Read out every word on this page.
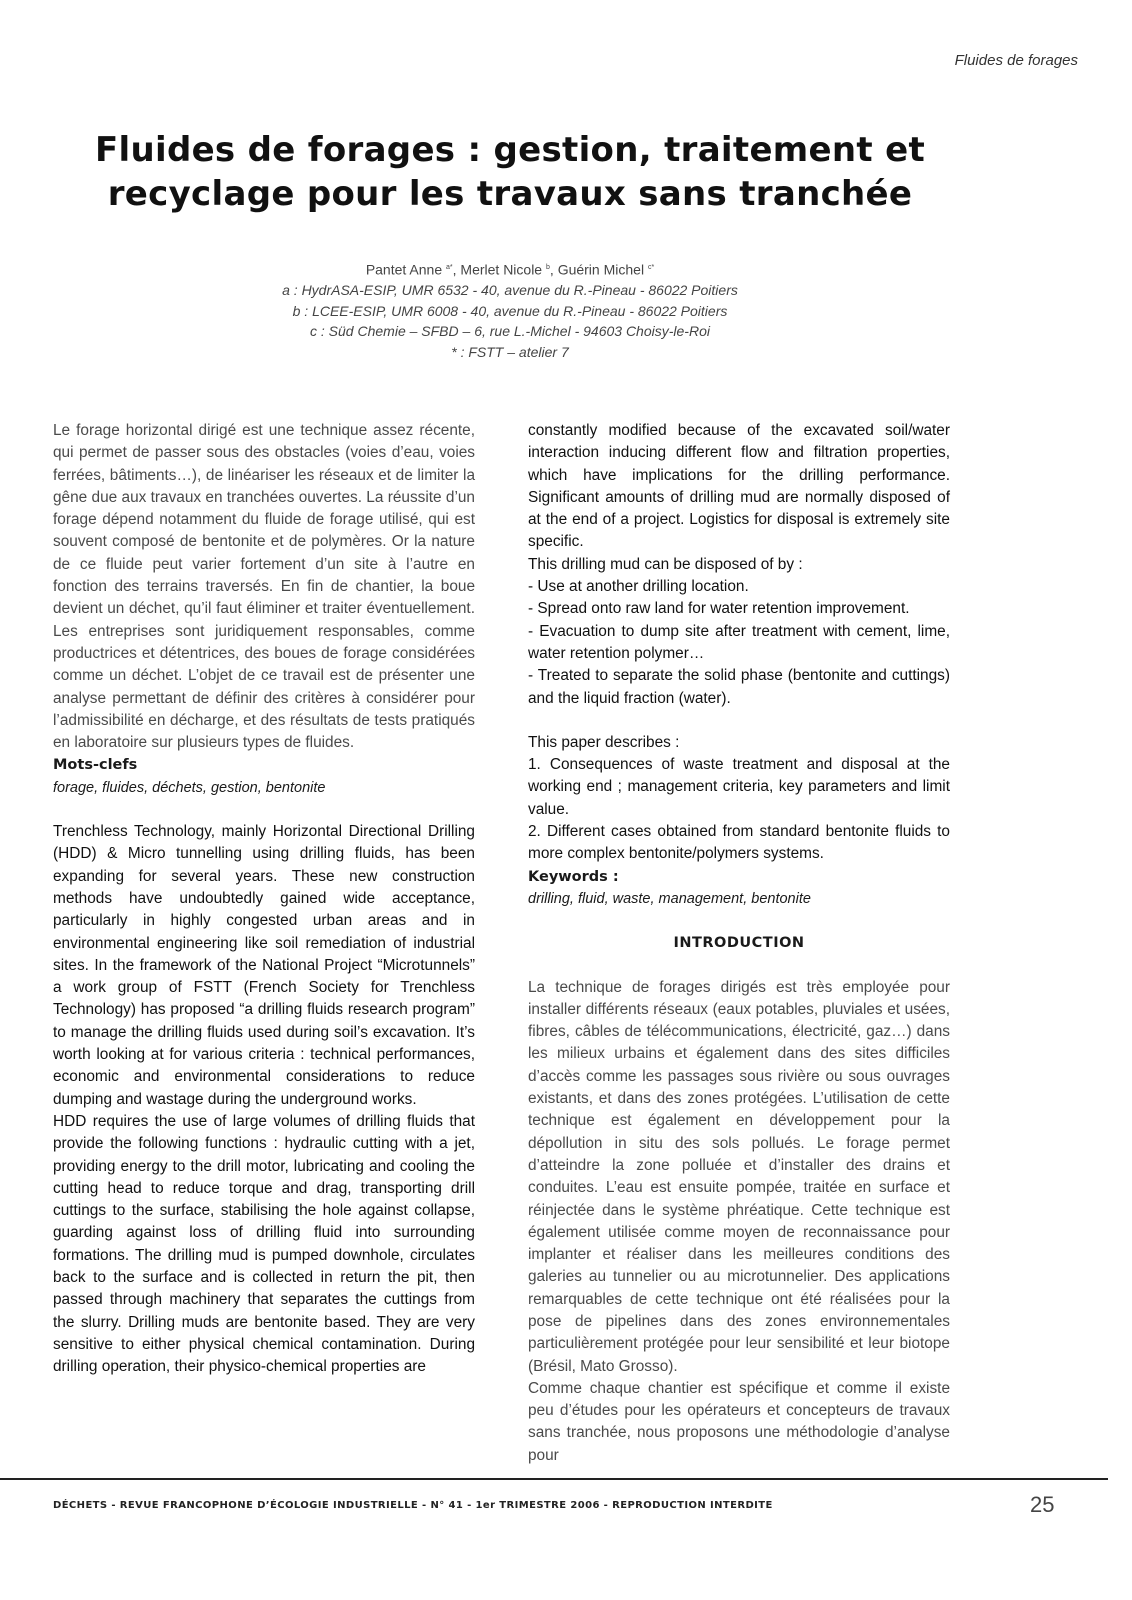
Fluides de forages
Fluides de forages : gestion, traitement et
recyclage pour les travaux sans tranchée
Pantet Anne $^{a*}$, Merlet Nicole $^b$, Guérin Michel $^{c*}$
a : HydrASA-ESIP, UMR 6532 - 40, avenue du R.-Pineau - 86022 Poitiers
b : LCEE-ESIP, UMR 6008 - 40, avenue du R.-Pineau - 86022 Poitiers
c : Süd Chemie – SFBD – 6, rue L.-Michel - 94603 Choisy-le-Roi
* : FSTT – atelier 7

Le forage horizontal dirigé est une technique assez récente, qui permet de passer sous des obstacles (voies d’eau, voies ferrées, bâtiments…), de linéariser les réseaux et de limiter la gêne due aux travaux en tranchées ouvertes. La réussite d’un forage dépend notamment du fluide de forage utilisé, qui est souvent composé de bentonite et de polymères. Or la nature de ce fluide peut varier fortement d’un site à l’autre en fonction des terrains traversés. En fin de chantier, la boue devient un déchet, qu’il faut éliminer et traiter éventuellement. Les entreprises sont juridiquement responsables, comme productrices et détentrices, des boues de forage considérées comme un déchet. L’objet de ce travail est de présenter une analyse permettant de définir des critères à considérer pour l’admissibilité en décharge, et des résultats de tests pratiqués en laboratoire sur plusieurs types de fluides.

Mots-clefs

forage, fluides, déchets, gestion, bentonite

Trenchless Technology, mainly Horizontal Directional Drilling (HDD) & Micro tunnelling using drilling fluids, has been expanding for several years. These new construction methods have undoubtedly gained wide acceptance, particularly in highly congested urban areas and in environmental engineering like soil remediation of industrial sites. In the framework of the National Project “Microtunnels” a work group of FSTT (French Society for Trenchless Technology) has proposed “a drilling fluids research program” to manage the drilling fluids used during soil’s excavation. It’s worth looking at for various criteria : technical performances, economic and environmental considerations to reduce dumping and wastage during the underground works.

HDD requires the use of large volumes of drilling fluids that provide the following functions : hydraulic cutting with a jet, providing energy to the drill motor, lubricating and cooling the cutting head to reduce torque and drag, transporting drill cuttings to the surface, stabilising the hole against collapse, guarding against loss of drilling fluid into surrounding formations. The drilling mud is pumped downhole, circulates back to the surface and is collected in return the pit, then passed through machinery that separates the cuttings from the slurry. Drilling muds are bentonite based. They are very sensitive to either physical chemical contamination. During drilling operation, their physico-chemical properties are

constantly modified because of the excavated soil/water interaction inducing different flow and filtration properties, which have implications for the drilling performance. Significant amounts of drilling mud are normally disposed of at the end of a project. Logistics for disposal is extremely site specific.

This drilling mud can be disposed of by :

- Use at another drilling location.

- Spread onto raw land for water retention improvement.

- Evacuation to dump site after treatment with cement, lime, water retention polymer…

- Treated to separate the solid phase (bentonite and cuttings) and the liquid fraction (water).

This paper describes :

1. Consequences of waste treatment and disposal at the working end ; management criteria, key parameters and limit value.

2. Different cases obtained from standard bentonite fluids to more complex bentonite/polymers systems.

Keywords :

drilling, fluid, waste, management, bentonite

INTRODUCTION

La technique de forages dirigés est très employée pour installer différents réseaux (eaux potables, pluviales et usées, fibres, câbles de télécommunications, électricité, gaz…) dans les milieux urbains et également dans des sites difficiles d’accès comme les passages sous rivière ou sous ouvrages existants, et dans des zones protégées. L’utilisation de cette technique est également en développement pour la dépollution in situ des sols pollués. Le forage permet d’atteindre la zone polluée et d’installer des drains et conduites. L’eau est ensuite pompée, traitée en surface et réinjectée dans le système phréatique. Cette technique est également utilisée comme moyen de reconnaissance pour implanter et réaliser dans les meilleures conditions des galeries au tunnelier ou au microtunnelier. Des applications remarquables de cette technique ont été réalisées pour la pose de pipelines dans des zones environnementales particulièrement protégée pour leur sensibilité et leur biotope (Brésil, Mato Grosso).

Comme chaque chantier est spécifique et comme il existe peu d’études pour les opérateurs et concepteurs de travaux sans tranchée, nous proposons une méthodologie d’analyse pour

DÉCHETS - REVUE FRANCOPHONE D’ÉCOLOGIE INDUSTRIELLE - N° 41 - 1er TRIMESTRE 2006 - REPRODUCTION INTERDITE	25
